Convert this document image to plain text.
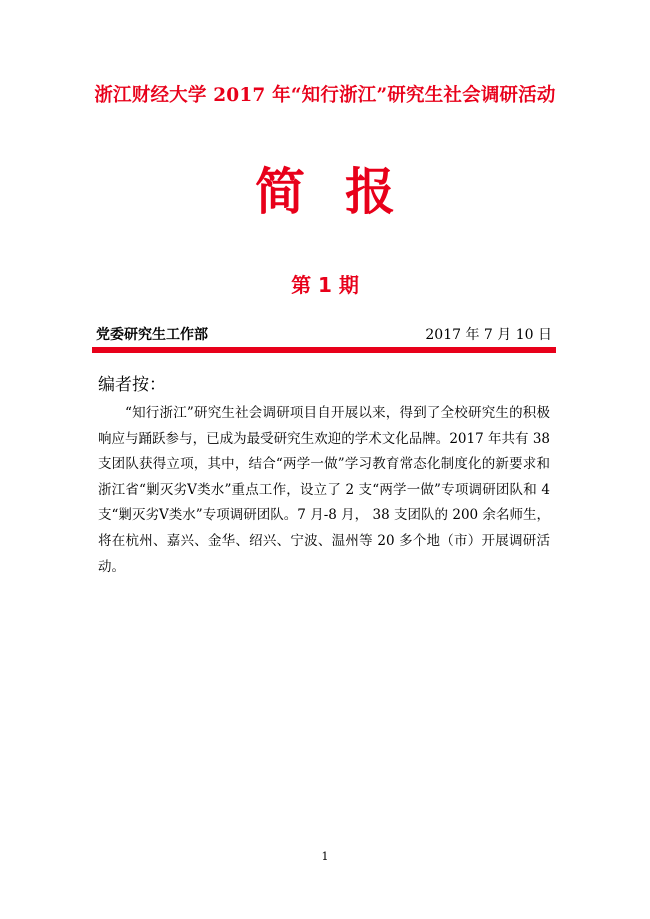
浙江财经大学 2017 年“知行浙江”研究生社会调研活动
简报
第 1 期
党委研究生工作部	2017 年 7 月 10 日
编者按：

“知行浙江”研究生社会调研项目自开展以来，得到了全校研究生的积极响应与踊跃参与，已成为最受研究生欢迎的学术文化品牌。2017 年共有 38 支团队获得立项，其中，结合“两学一做”学习教育常态化制度化的新要求和浙江省“剿灭劣Ⅴ类水”重点工作，设立了 2 支“两学一做”专项调研团队和 4 支“剿灭劣Ⅴ类水”专项调研团队。7 月-8 月， 38 支团队的 200 余名师生，将在杭州、嘉兴、金华、绍兴、宁波、温州等 20 多个地（市）开展调研活动。

1
